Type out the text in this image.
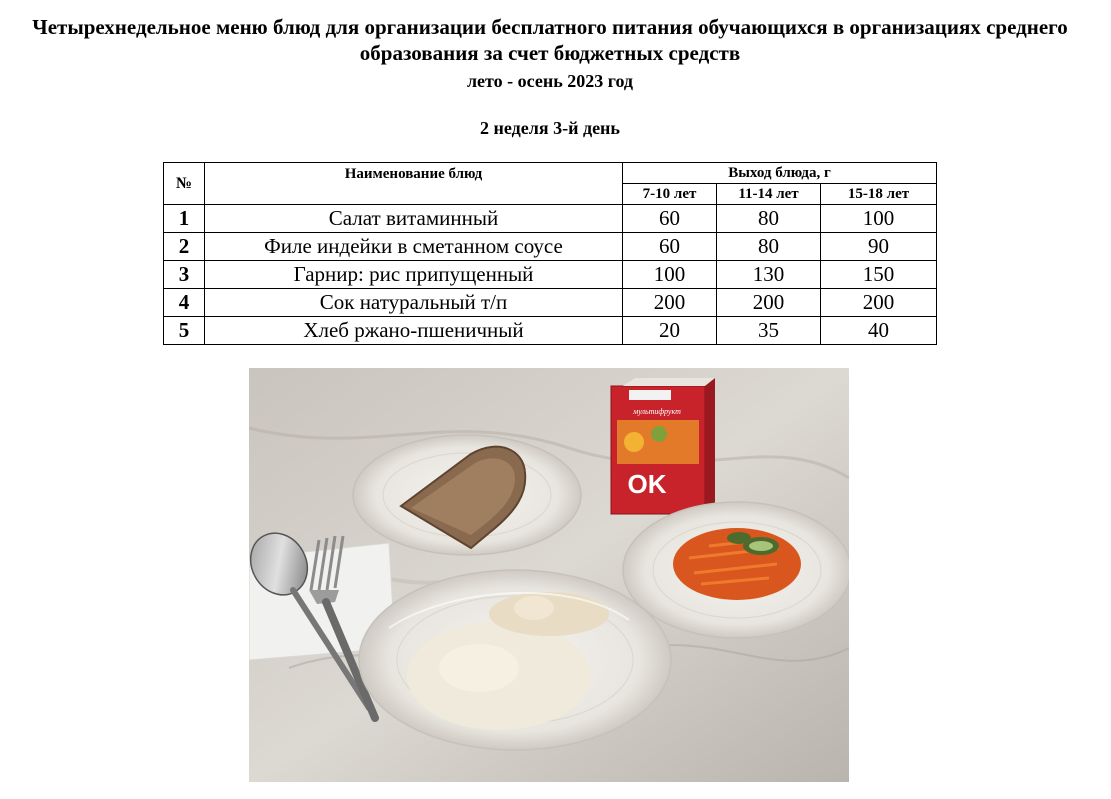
Четырехнедельное меню блюд для организации бесплатного питания обучающихся в организациях среднего образования за счет бюджетных средств
лето - осень 2023 год
2 неделя 3-й день
№	Наименование блюд	Выход блюда, г		
		7-10 лет	11-14 лет	15-18 лет
1	Салат витаминный	60	80	100
2	Филе индейки в сметанном соусе	60	80	90
3	Гарнир: рис припущенный	100	130	150
4	Сок натуральный т/п	200	200	200
5	Хлеб ржано-пшеничный	20	35	40
мультифрукт
OK
